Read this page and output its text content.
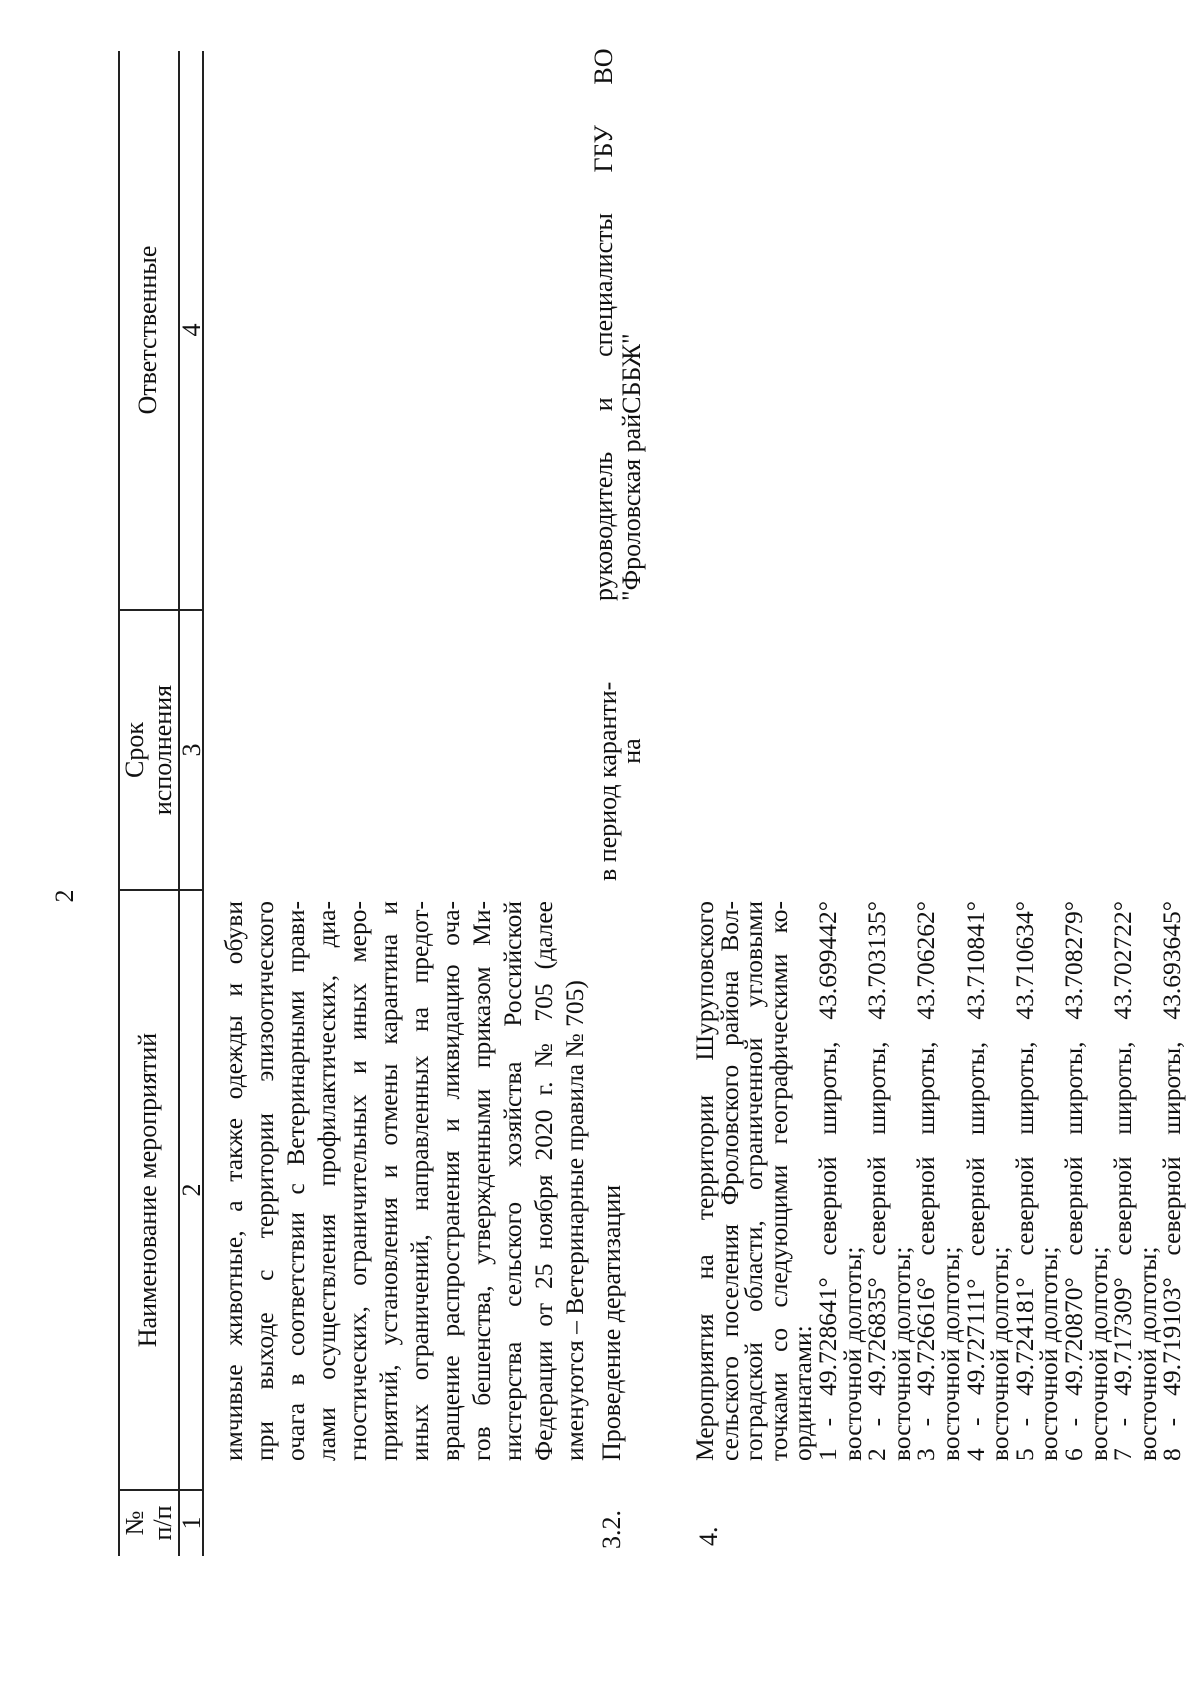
2
№ п/п
Наименование мероприятий
Срок исполнения
Ответственные
1
2
3
4
имчивые животные, а также одежды и обуви при выходе с территории эпизоотического очага в соответствии с Ветеринарными прави- лами осуществления профилактических, диа- гностических, ограничительных и иных меро- приятий, установления и отмены карантина и иных ограничений, направленных на предот- вращение распространения и ликвидацию оча- гов бешенства, утвержденными приказом Ми- нистерства сельского хозяйства Российской Федерации от 25 ноября 2020 г. № 705 (далее именуются – Ветеринарные правила № 705)
3.2.
Проведение дератизации
в период каранти-
на
руководитель и специалисты ГБУ ВО "Фроловская райСББЖ"
4.
Мероприятия на территории Шуруповского
сельского поселения Фроловского района Вол-
гоградской области, ограниченной угловыми
точками со следующими географическими ко-
ординатами:
1 - 49.728641° северной широты, 43.699442°
восточной долготы;
2 - 49.726835° северной широты, 43.703135°
восточной долготы;
3 - 49.726616° северной широты, 43.706262°
восточной долготы;
4 - 49.727111° северной широты, 43.710841°
восточной долготы;
5 - 49.724181° северной широты, 43.710634°
восточной долготы;
6 - 49.720870° северной широты, 43.708279°
восточной долготы;
7 - 49.717309° северной широты, 43.702722°
восточной долготы;
8 - 49.719103° северной широты, 43.693645°
